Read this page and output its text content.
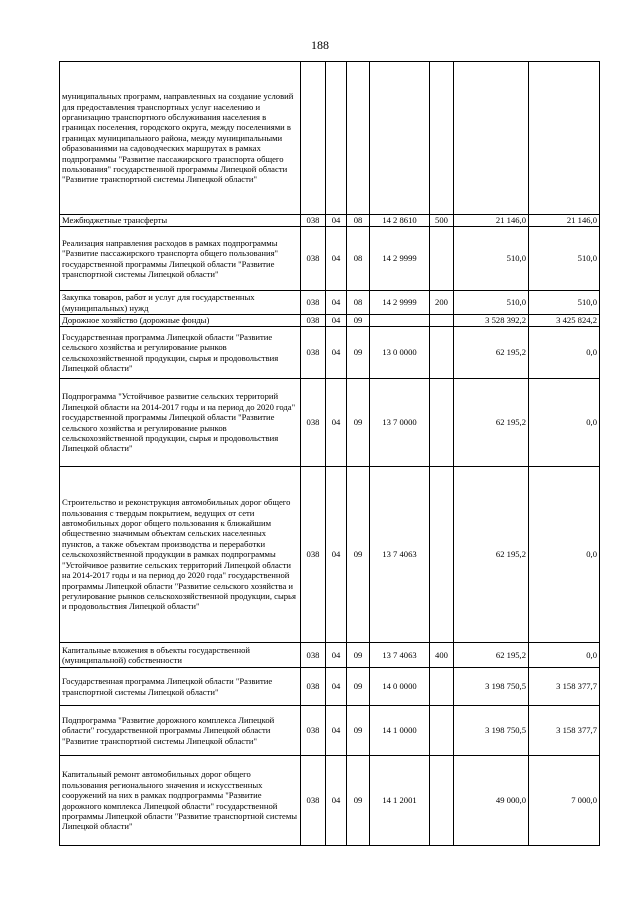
188
муниципальных программ, направленных на создание условий для предоставления транспортных услуг населению и организацию транспортного обслуживания населения в границах поселения, городского округа, между поселениями в границах муниципального района, между муниципальными образованиями на садоводческих маршрутах в рамках подпрограммы "Развитие пассажирского транспорта общего пользования" государственной программы Липецкой области "Развитие транспортной системы Липецкой области"							
Межбюджетные трансферты	038	04	08	14 2 8610	500	21 146,0	21 146,0
Реализация направления расходов в рамках подпрограммы "Развитие пассажирского транспорта общего пользования" государственной программы Липецкой области "Развитие транспортной системы Липецкой области"	038	04	08	14 2 9999		510,0	510,0
Закупка товаров, работ и услуг для государственных (муниципальных) нужд	038	04	08	14 2 9999	200	510,0	510,0
Дорожное хозяйство (дорожные фонды)	038	04	09			3 528 392,2	3 425 824,2
Государственная программа Липецкой области "Развитие сельского хозяйства и регулирование рынков сельскохозяйственной продукции, сырья и продовольствия Липецкой области"	038	04	09	13 0 0000		62 195,2	0,0
Подпрограмма "Устойчивое развитие сельских территорий Липецкой области на 2014-2017 годы и на период до 2020 года" государственной программы Липецкой области "Развитие сельского хозяйства и регулирование рынков сельскохозяйственной продукции, сырья и продовольствия Липецкой области"	038	04	09	13 7 0000		62 195,2	0,0
Строительство и реконструкция автомобильных дорог общего пользования с твердым покрытием, ведущих от сети автомобильных дорог общего пользования к ближайшим общественно значимым объектам сельских населенных пунктов, а также объектам производства и переработки сельскохозяйственной продукции в рамках подпрограммы "Устойчивое развитие сельских территорий Липецкой области на 2014-2017 годы и на период до 2020 года" государственной программы Липецкой области "Развитие сельского хозяйства и регулирование рынков сельскохозяйственной продукции, сырья и продовольствия Липецкой области"	038	04	09	13 7 4063		62 195,2	0,0
Капитальные вложения в объекты государственной (муниципальной) собственности	038	04	09	13 7 4063	400	62 195,2	0,0
Государственная программа Липецкой области "Развитие транспортной системы Липецкой области"	038	04	09	14 0 0000		3 198 750,5	3 158 377,7
Подпрограмма "Развитие дорожного комплекса Липецкой области" государственной программы Липецкой области "Развитие транспортной системы Липецкой области"	038	04	09	14 1 0000		3 198 750,5	3 158 377,7
Капитальный ремонт автомобильных дорог общего пользования регионального значения и искусственных сооружений на них в рамках подпрограммы "Развитие дорожного комплекса Липецкой области" государственной программы Липецкой области "Развитие транспортной системы Липецкой области"	038	04	09	14 1 2001		49 000,0	7 000,0
